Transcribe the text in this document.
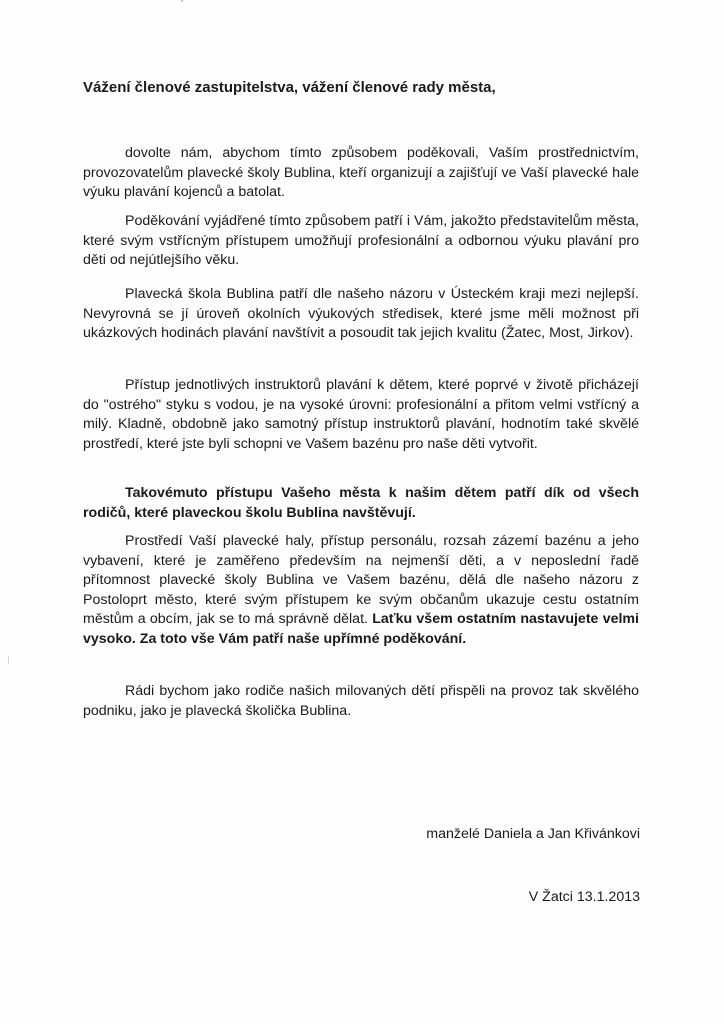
Vážení členové zastupitelstva, vážení členové rady města,

dovolte nám, abychom tímto způsobem poděkovali, Vaším prostřednictvím, provozovatelům plavecké školy Bublina, kteří organizují a zajišťují ve Vaší plavecké hale výuku plavání kojenců a batolat.

Poděkování vyjádřené tímto způsobem patří i Vám, jakožto představitelům města, které svým vstřícným přístupem umožňují profesionální a odbornou výuku plavání pro děti od nejútlejšího věku.

Plavecká škola Bublina patří dle našeho názoru v Ústeckém kraji mezi nejlepší. Nevyrovná se jí úroveň okolních výukových středisek, které jsme měli možnost při ukázkových hodinách plavání navštívit a posoudit tak jejich kvalitu (Žatec, Most, Jirkov).

Přístup jednotlivých instruktorů plavání k dětem, které poprvé v životě přicházejí do "ostrého" styku s vodou, je na vysoké úrovni: profesionální a přitom velmi vstřícný a milý. Kladně, obdobně jako samotný přístup instruktorů plavání, hodnotím také skvělé prostředí, které jste byli schopni ve Vašem bazénu pro naše děti vytvořit.

Takovémuto přístupu Vašeho města k našim dětem patří dík od všech rodičů, které plaveckou školu Bublina navštěvují.

Prostředí Vaší plavecké haly, přístup personálu, rozsah zázemí bazénu a jeho vybavení, které je zaměřeno především na nejmenší děti, a v neposlední řadě přítomnost plavecké školy Bublina ve Vašem bazénu, dělá dle našeho názoru z Postoloprt město, které svým přístupem ke svým občanům ukazuje cestu ostatním městům a obcím, jak se to má správně dělat. Laťku všem ostatním nastavujete velmi vysoko. Za toto vše Vám patří naše upřímné poděkování.

Rádi bychom jako rodiče našich milovaných dětí přispěli na provoz tak skvělého podniku, jako je plavecká školička Bublina.

manželé Daniela a Jan Křivánkovi
V Žatci 13.1.2013
